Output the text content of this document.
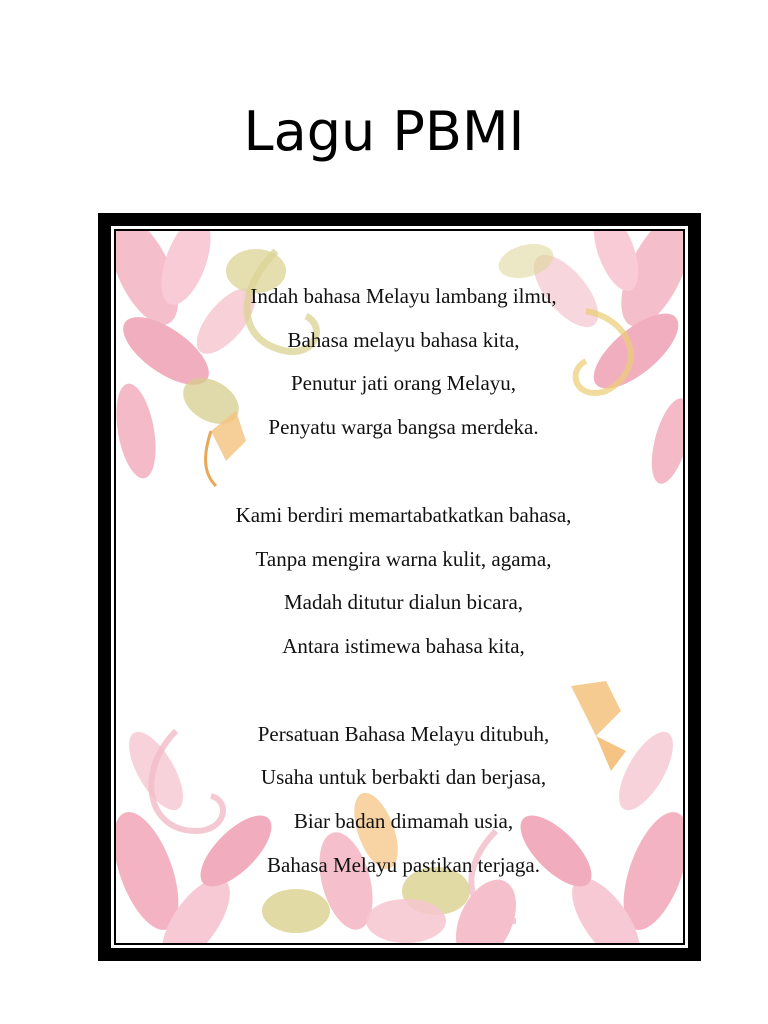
Lagu PBMI
Indah bahasa Melayu lambang ilmu,
Bahasa melayu bahasa kita,
Penutur jati orang Melayu,
Penyatu warga bangsa merdeka.
Kami berdiri memartabatkatkan bahasa,
Tanpa mengira warna kulit, agama,
Madah ditutur dialun bicara,
Antara istimewa bahasa kita,
Persatuan Bahasa Melayu ditubuh,
Usaha untuk berbakti dan berjasa,
Biar badan dimamah usia,
Bahasa Melayu pastikan terjaga.
